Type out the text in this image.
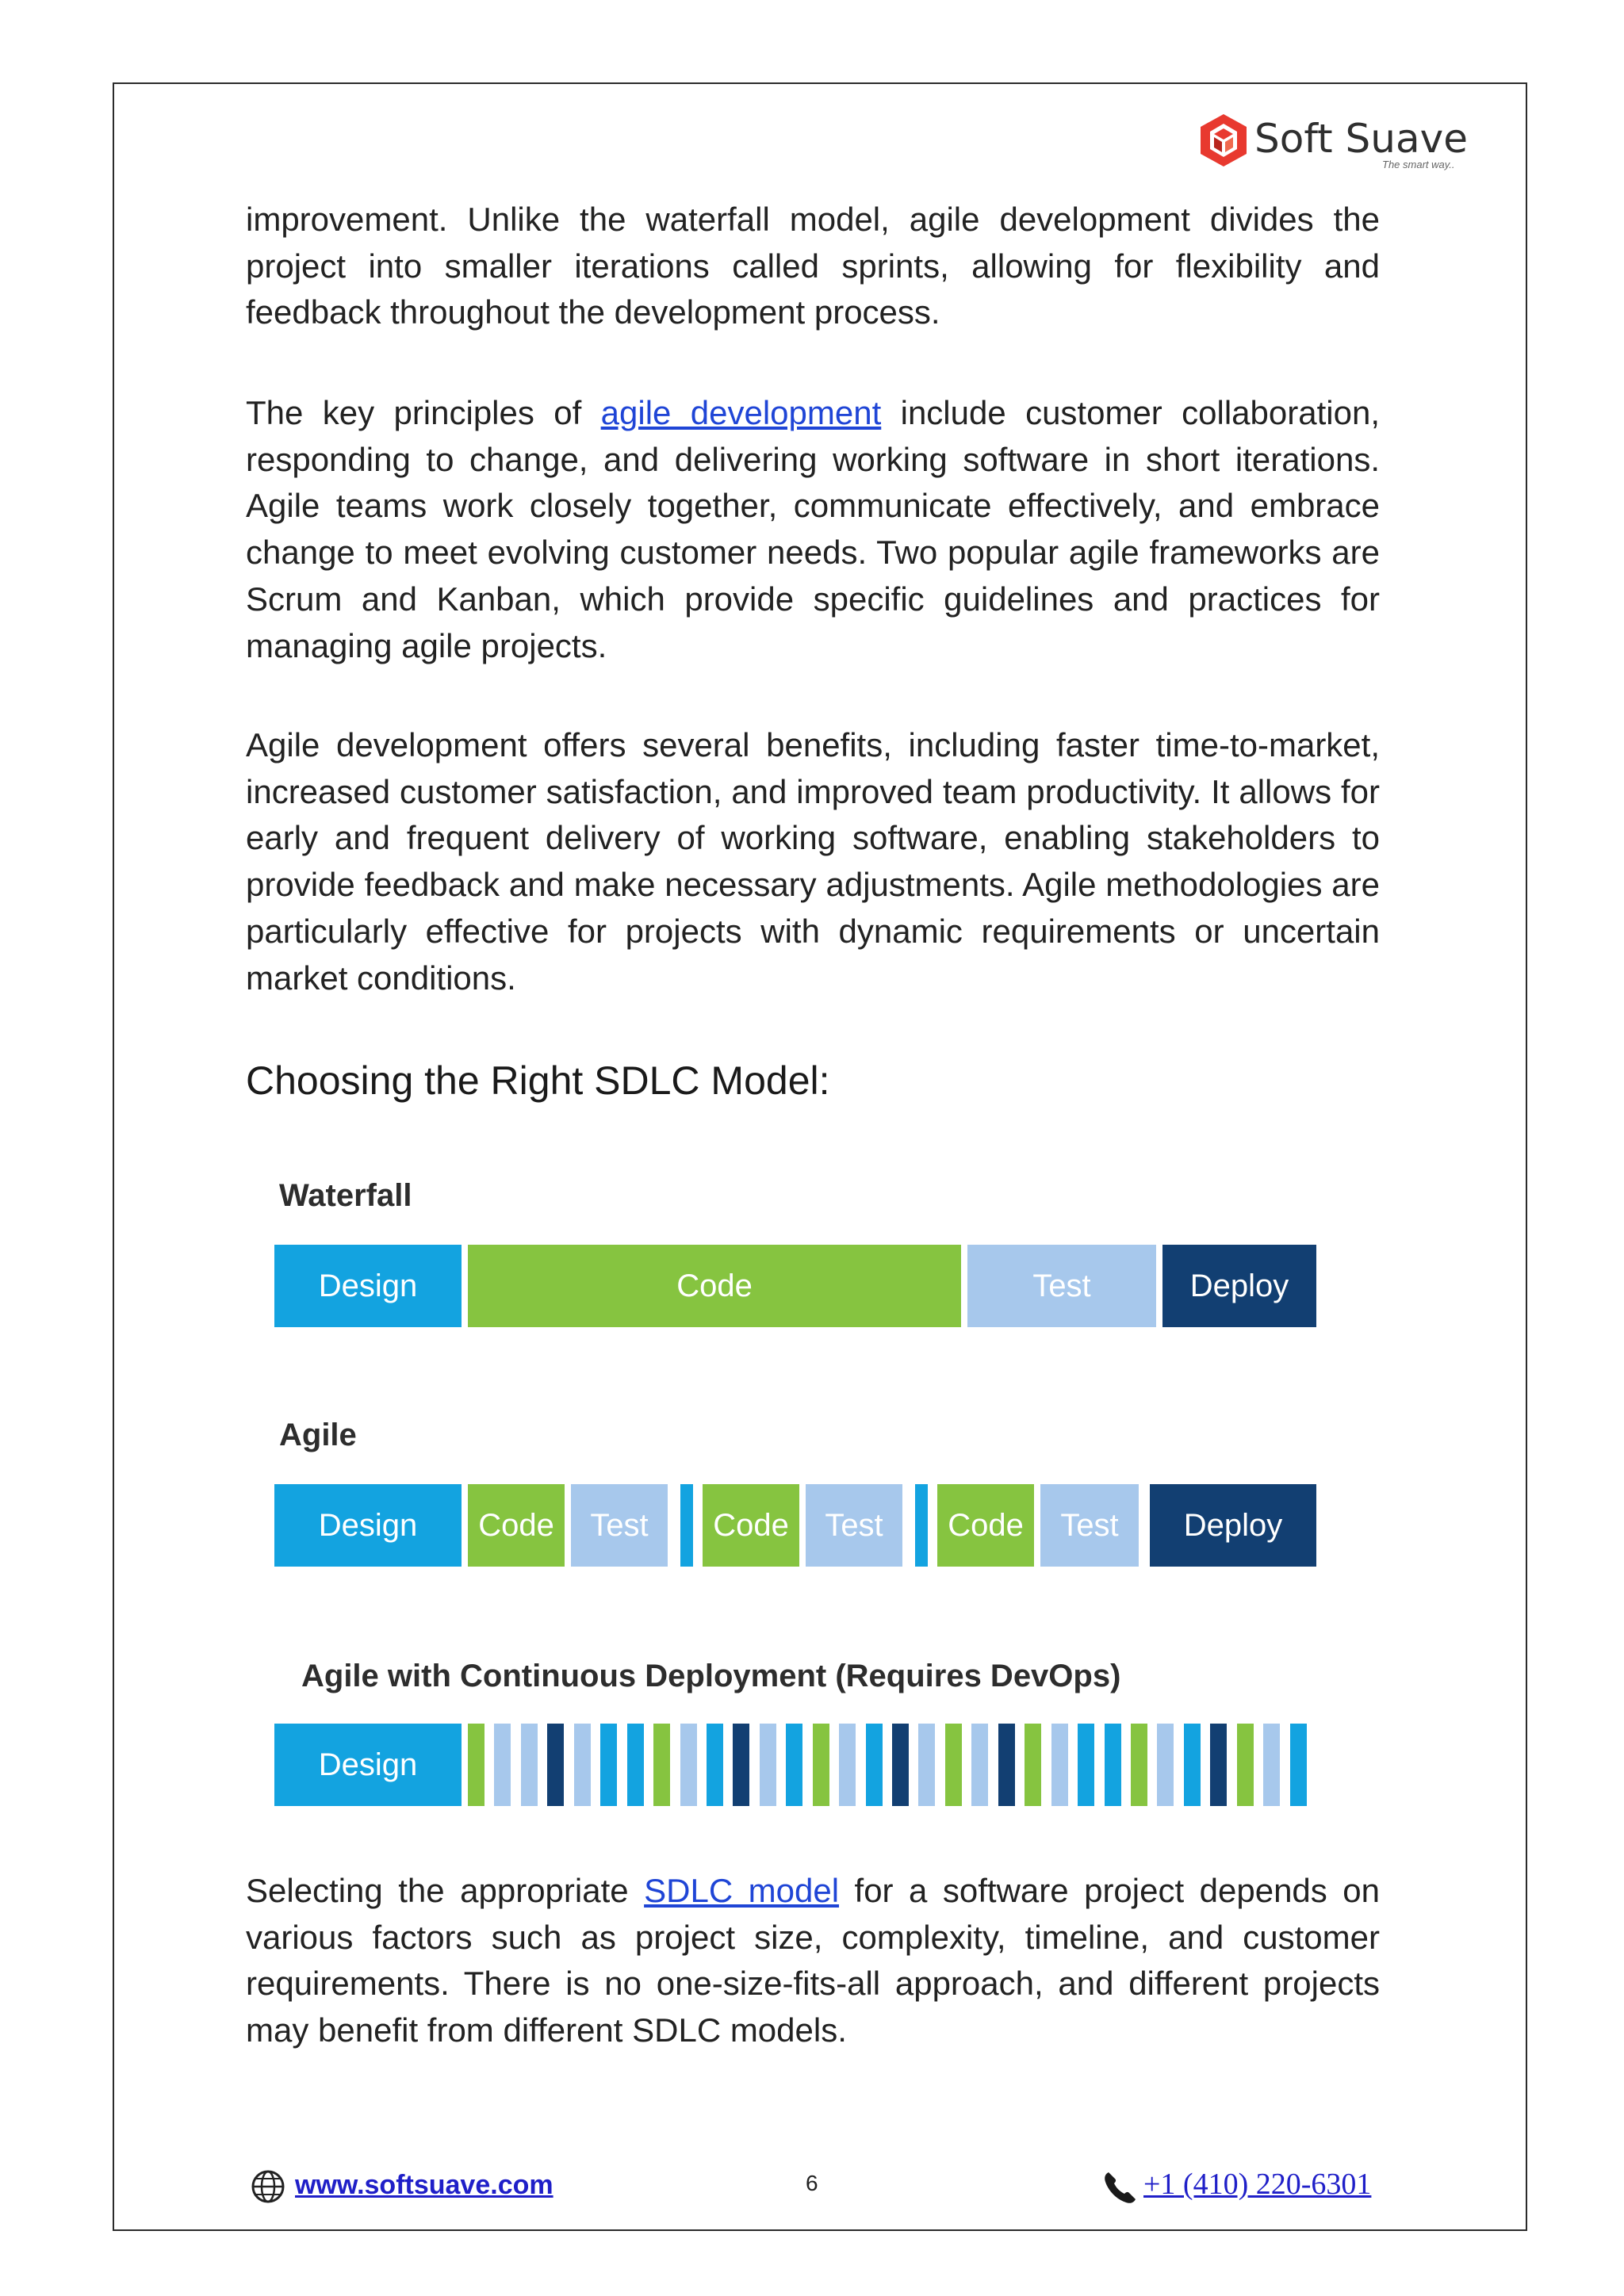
Soft Suave
The smart way..

improvement. Unlike the waterfall model, agile development divides the project into smaller iterations called sprints, allowing for flexibility and feedback throughout the development process.

The key principles of agile development include customer collaboration, responding to change, and delivering working software in short iterations. Agile teams work closely together, communicate effectively, and embrace change to meet evolving customer needs. Two popular agile frameworks are Scrum and Kanban, which provide specific guidelines and practices for managing agile projects.

Agile development offers several benefits, including faster time-to-market, increased customer satisfaction, and improved team productivity. It allows for early and frequent delivery of working software, enabling stakeholders to provide feedback and make necessary adjustments. Agile methodologies are particularly effective for projects with dynamic requirements or uncertain market conditions.

Choosing the Right SDLC Model:
Waterfall
Design	Code	Test	Deploy
Agile
Design	Code	Test	Code	Test	Code	Test	Deploy
Agile with Continuous Deployment (Requires DevOps)
Design

Selecting the appropriate SDLC model for a software project depends on various factors such as project size, complexity, timeline, and customer requirements. There is no one-size-fits-all approach, and different projects may benefit from different SDLC models.

www.softsuave.com	6	+1 (410) 220-6301
